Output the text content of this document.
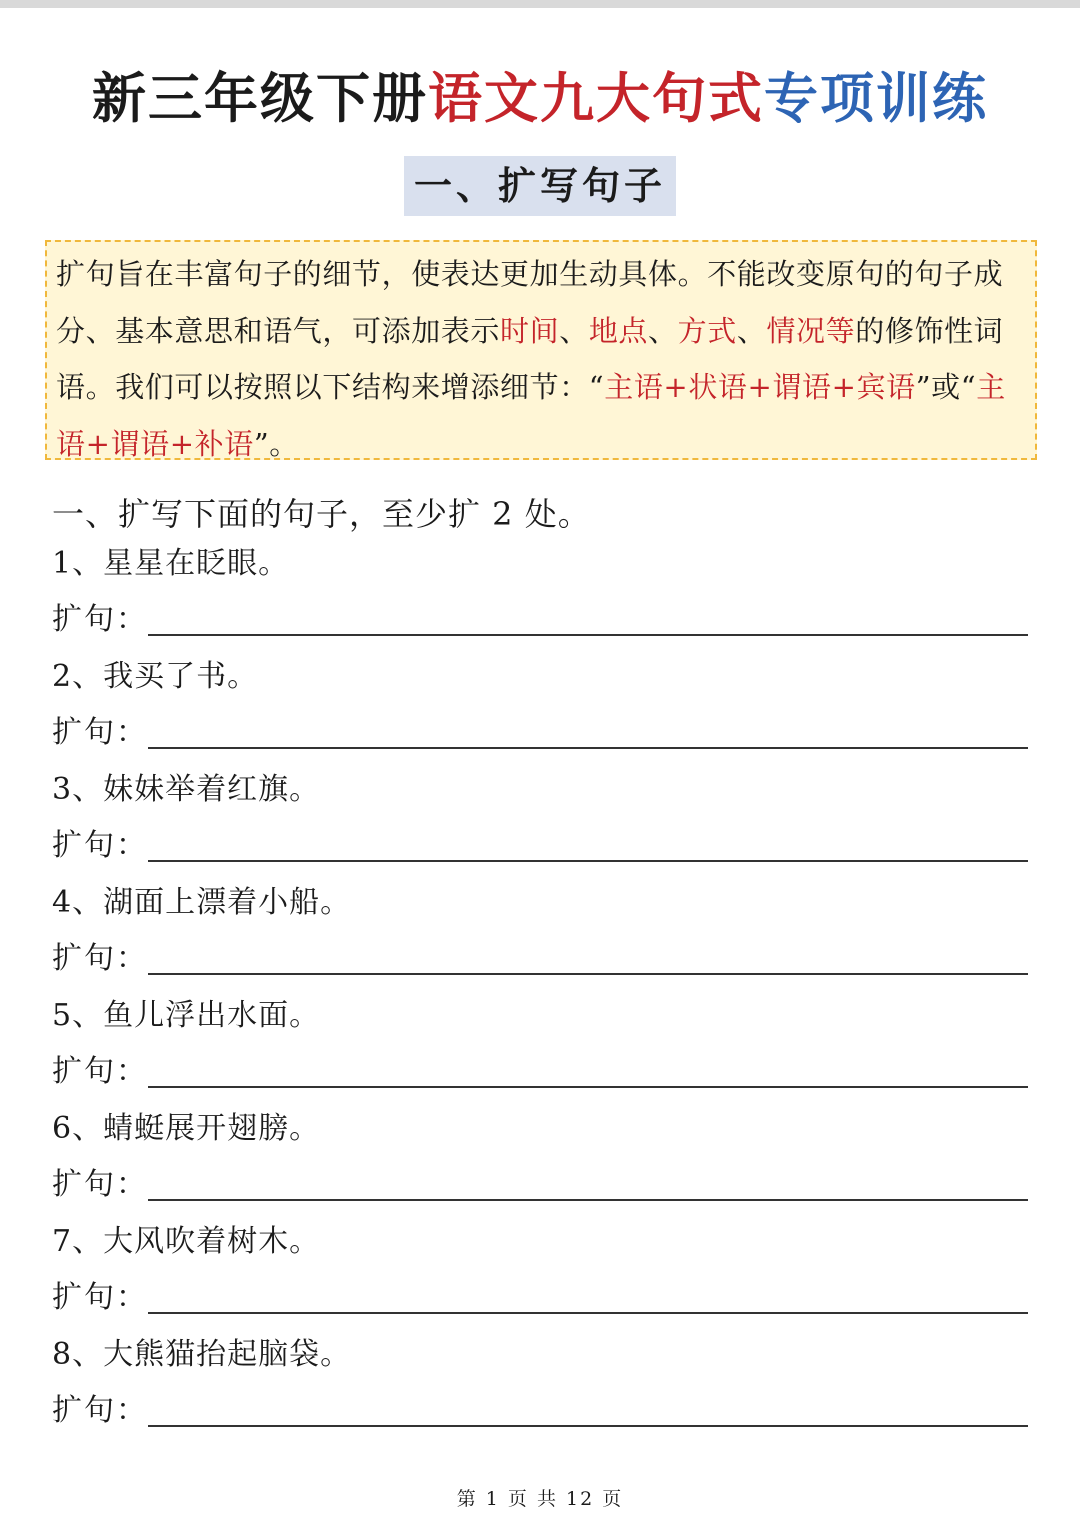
新三年级下册语文九大句式专项训练
一、扩写句子
扩句旨在丰富句子的细节，使表达更加生动具体。不能改变原句的句子成分、基本意思和语气，可添加表示时间、地点、方式、情况等的修饰性词语。我们可以按照以下结构来增添细节：“主语+状语+谓语+宾语”或“主语+谓语+补语”。
一、扩写下面的句子，至少扩 2 处。
1、星星在眨眼。
扩句：
2、我买了书。
扩句：
3、妹妹举着红旗。
扩句：
4、湖面上漂着小船。
扩句：
5、鱼儿浮出水面。
扩句：
6、蜻蜓展开翅膀。
扩句：
7、大风吹着树木。
扩句：
8、大熊猫抬起脑袋。
扩句：
第 1 页 共 12 页
